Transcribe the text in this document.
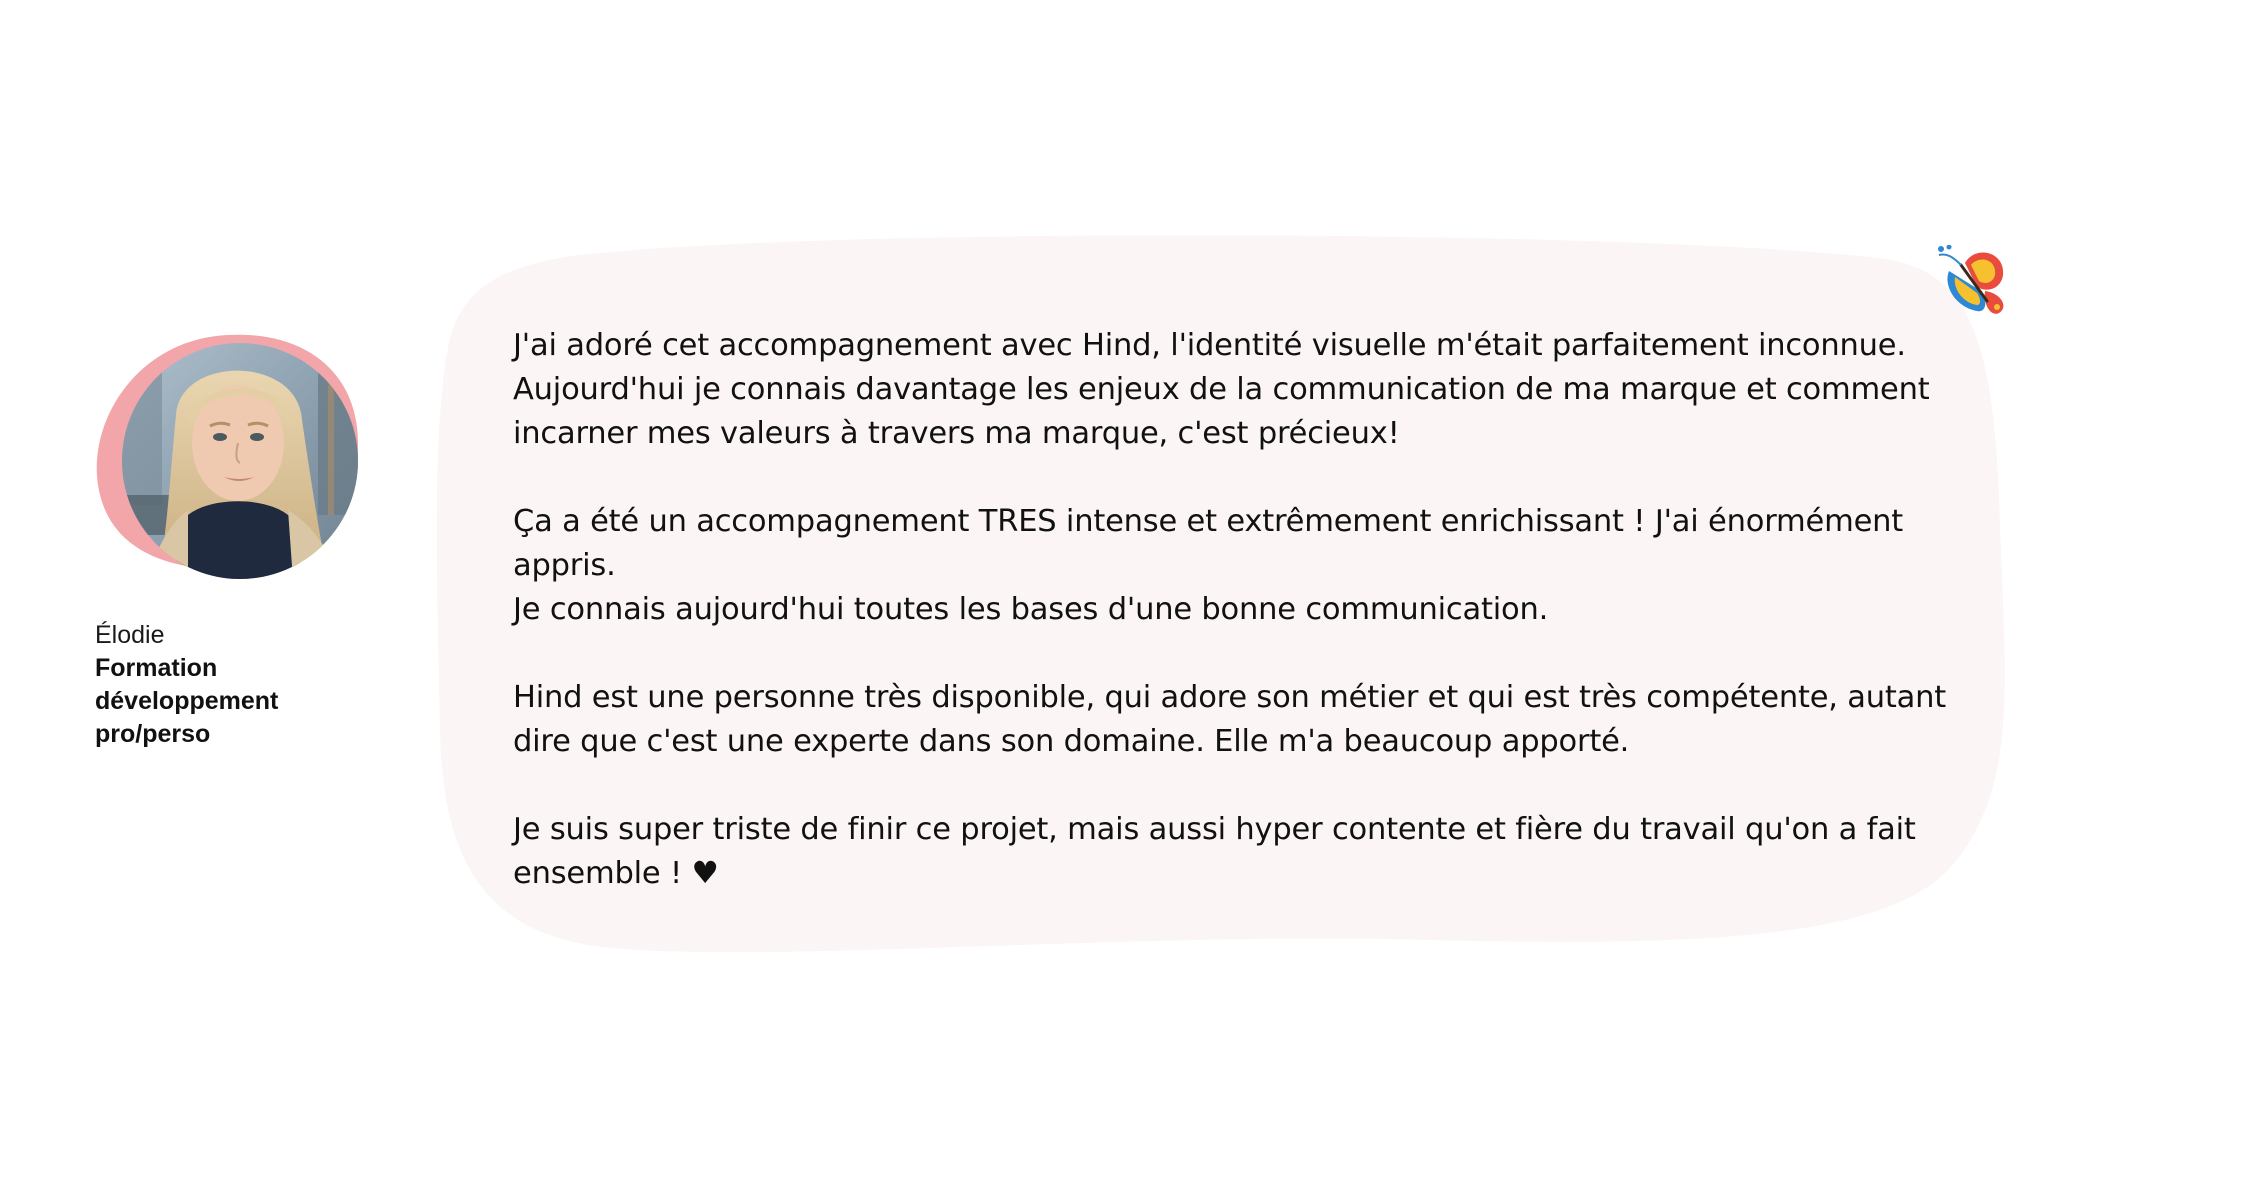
Élodie
Formation
développement
pro/perso

J'ai adoré cet accompagnement avec Hind, l'identité visuelle m'était parfaitement inconnue.
Aujourd'hui je connais davantage les enjeux de la communication de ma marque et comment
incarner mes valeurs à travers ma marque, c'est précieux!

Ça a été un accompagnement TRES intense et extrêmement enrichissant ! J'ai énormément appris.
Je connais aujourd'hui toutes les bases d'une bonne communication.

Hind est une personne très disponible, qui adore son métier et qui est très compétente, autant
dire que c'est une experte dans son domaine. Elle m'a beaucoup apporté.

Je suis super triste de finir ce projet, mais aussi hyper contente et fière du travail qu'on a fait
ensemble ! ♥
